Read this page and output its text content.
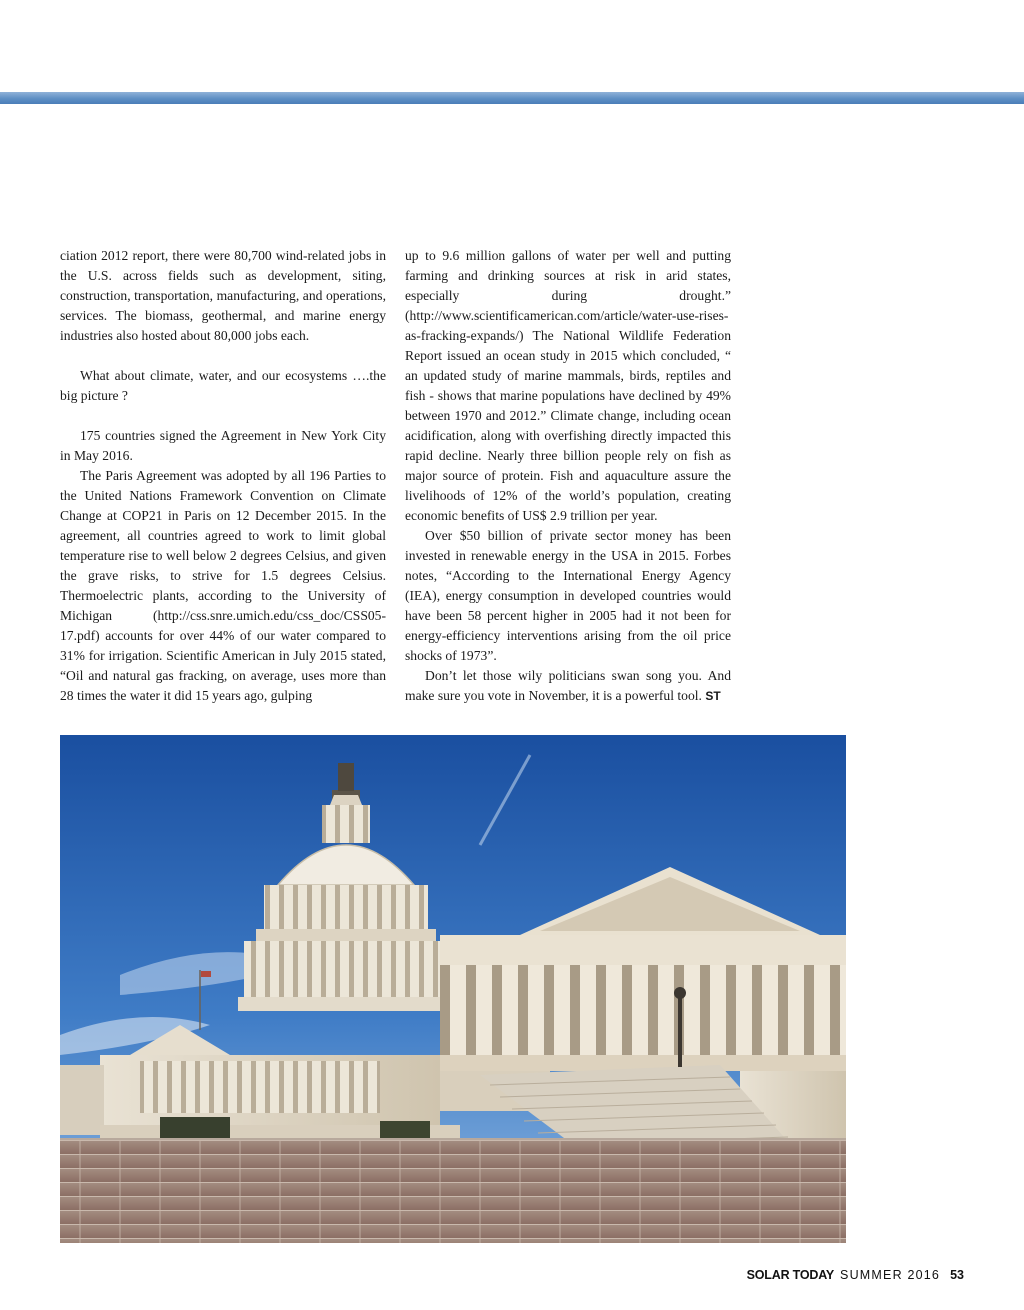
ciation 2012 report, there were 80,700 wind-related jobs in the U.S. across fields such as development, siting, construction, transportation, manufacturing, and operations, services. The biomass, geothermal, and marine energy industries also hosted about 80,000 jobs each.

What about climate, water, and our ecosystems ….the big picture ?

175 countries signed the Agreement in New York City in May 2016.

The Paris Agreement was adopted by all 196 Parties to the United Nations Framework Convention on Climate Change at COP21 in Paris on 12 December 2015. In the agreement, all countries agreed to work to limit global temperature rise to well below 2 degrees Celsius, and given the grave risks, to strive for 1.5 degrees Celsius. Thermoelectric plants, according to the University of Michigan (http://css.snre.umich.edu/css_doc/CSS05-17.pdf) accounts for over 44% of our water compared to 31% for irrigation. Scientific American in July 2015 stated, “Oil and natural gas fracking, on average, uses more than 28 times the water it did 15 years ago, gulping

up to 9.6 million gallons of water per well and putting farming and drinking sources at risk in arid states, especially during drought.” (http://www.scientificamerican.com/article/water-use-rises-as-fracking-expands/) The National Wildlife Federation Report issued an ocean study in 2015 which concluded, “ an updated study of marine mammals, birds, reptiles and fish - shows that marine populations have declined by 49% between 1970 and 2012.” Climate change, including ocean acidification, along with overfishing directly impacted this rapid decline. Nearly three billion people rely on fish as major source of protein. Fish and aquaculture assure the livelihoods of 12% of the world’s population, creating economic benefits of US$ 2.9 trillion per year.

Over $50 billion of private sector money has been invested in renewable energy in the USA in 2015. Forbes notes, “According to the International Energy Agency (IEA), energy consumption in developed countries would have been 58 percent higher in 2005 had it not been for energy-efficiency interventions arising from the oil price shocks of 1973”.

Don’t let those wily politicians swan song you. And make sure you vote in November, it is a powerful tool. ST

SOLAR TODAY SUMMER 2016 53
